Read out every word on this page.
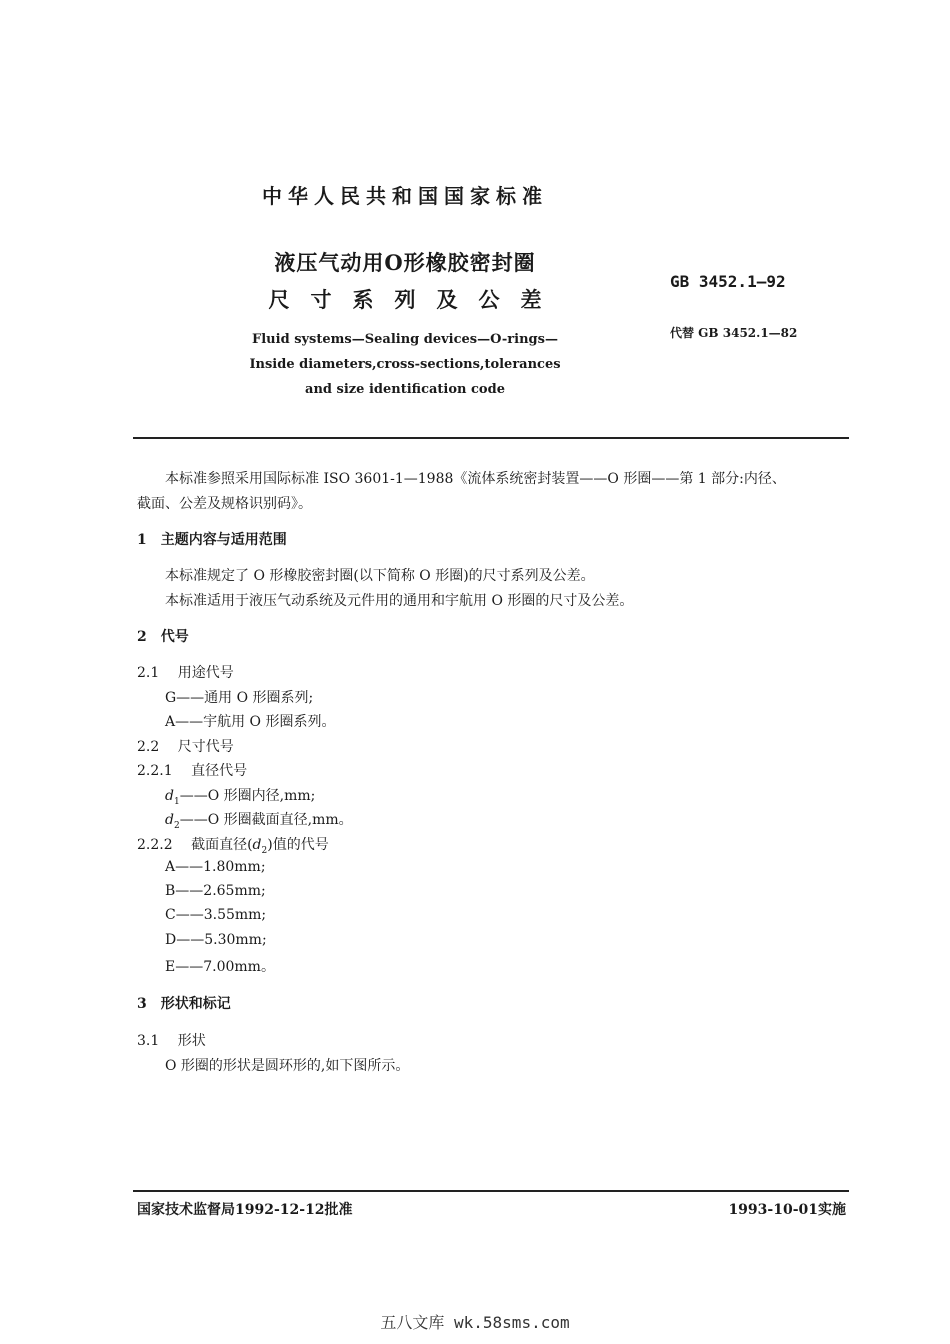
中华人民共和国国家标准
液压气动用O形橡胶密封圈
尺　寸　系　列　及　公　差
Fluid systems—Sealing devices—O-rings—
Inside diameters,cross-sections,tolerances
and size identification code
GB 3452.1—92
代替 GB 3452.1—82
本标准参照采用国际标准 ISO 3601-1—1988《流体系统密封装置——O 形圈——第 1 部分:内径、
截面、公差及规格识别码》。
1　主题内容与适用范围
本标准规定了 O 形橡胶密封圈(以下简称 O 形圈)的尺寸系列及公差。
本标准适用于液压气动系统及元件用的通用和宇航用 O 形圈的尺寸及公差。
2　代号
2.1 用途代号
G——通用 O 形圈系列;
A——宇航用 O 形圈系列。
2.2 尺寸代号
2.2.1 直径代号
$d_1——O$ 形圈内径,mm;
$d_2——O$ 形圈截面直径,mm。
2.2.2 截面直径$(d_2)$值的代号
A——1.80mm;
B——2.65mm;
C——3.55mm;
D——5.30mm;
E——7.00mm。
3　形状和标记
3.1 形状
O 形圈的形状是圆环形的,如下图所示。
国家技术监督局1992-12-12批准	1993-10-01实施
五八文库 wk.58sms.com
